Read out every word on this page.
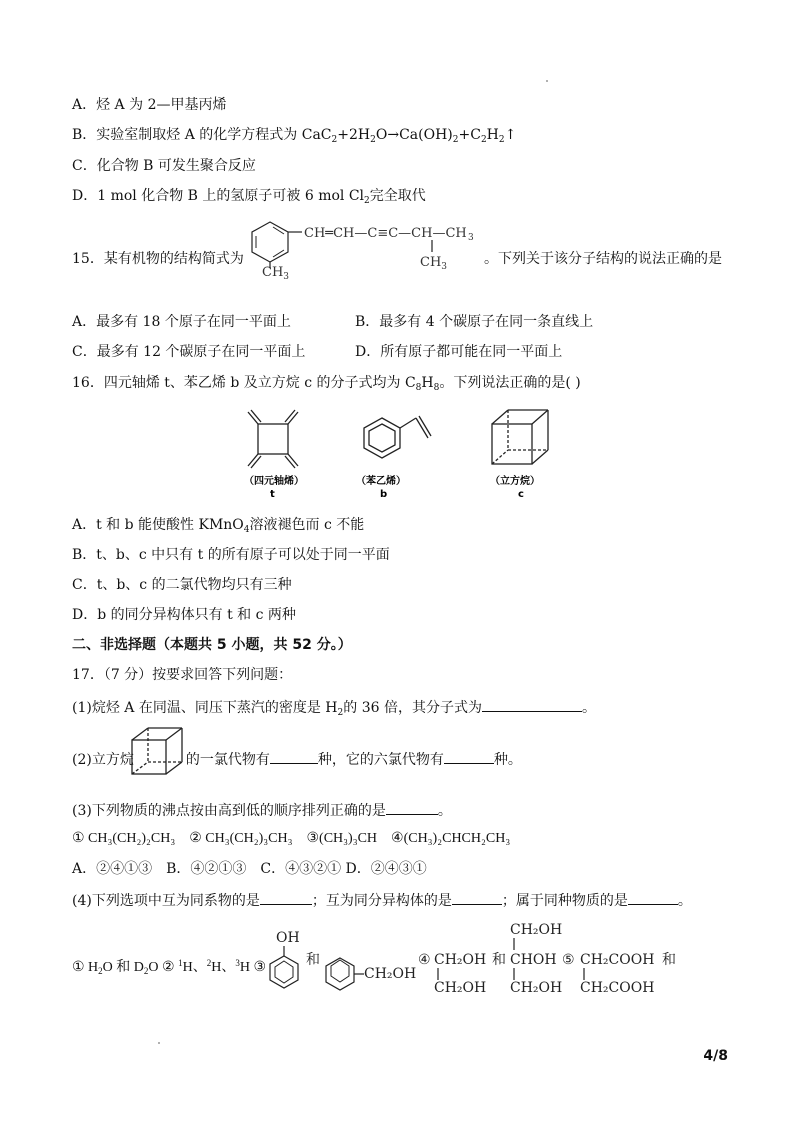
A．烃 A 为 2—甲基丙烯
B．实验室制取烃 A 的化学方程式为 $CaC_2+2H_2O\to Ca(OH)_2+C_2H_2↑$
C．化合物 B 可发生聚合反应
D．1 mol 化合物 B 上的氢原子可被 6 mol $Cl_2$完全取代
15．某有机物的结构简式为
CH═CH—C≡C—CH—CH 3
$CH_3$
$CH_3$
。下列关于该分子结构的说法正确的是
A．最多有 18 个原子在同一平面上	B．最多有 4 个碳原子在同一条直线上
C．最多有 12 个碳原子在同一平面上	D．所有原子都可能在同一平面上
16．四元轴烯 t、苯乙烯 b 及立方烷 c 的分子式均为 $C_8H_8$。下列说法正确的是( )
（四元轴烯）
t
（苯乙烯）
b
（立方烷）
c
A．t 和 b 能使酸性 KMnO$_4$溶液褪色而 c 不能
B．t、b、c 中只有 t 的所有原子可以处于同一平面
C．t、b、c 的二氯代物均只有三种
D．b 的同分异构体只有 t 和 c 两种
二、非选择题（本题共 5 小题，共 52 分。）
17．（7 分）按要求回答下列问题：
(1)烷烃 A 在同温、同压下蒸汽的密度是 $H_2$的 36 倍，其分子式为	。
(2)立方烷	的一氯代物有	种，它的六氯代物有	种。
(3)下列物质的沸点按由高到低的顺序排列正确的是	。
① CH₃(CH₂)₂CH₃　② CH₃(CH₂)₃CH₃　③(CH₃)₃CH　④(CH₃)₂CHCH₂CH₃
A．②④①③　B．④②①③　C．④③②① D．②④③①
(4)下列选项中互为同系物的是	；互为同分异构体的是	；属于同种物质的是	。
① $H_2O$ 和 $D_2O$ ② $^1$H、$^2$H、$^3$H ③
OH
和
CH₂OH
④ CH₂OH
CH₂OH
和
CH₂OH
CHOH
CH₂OH
⑤ CH₂COOH
CH₂COOH
和
4/8
